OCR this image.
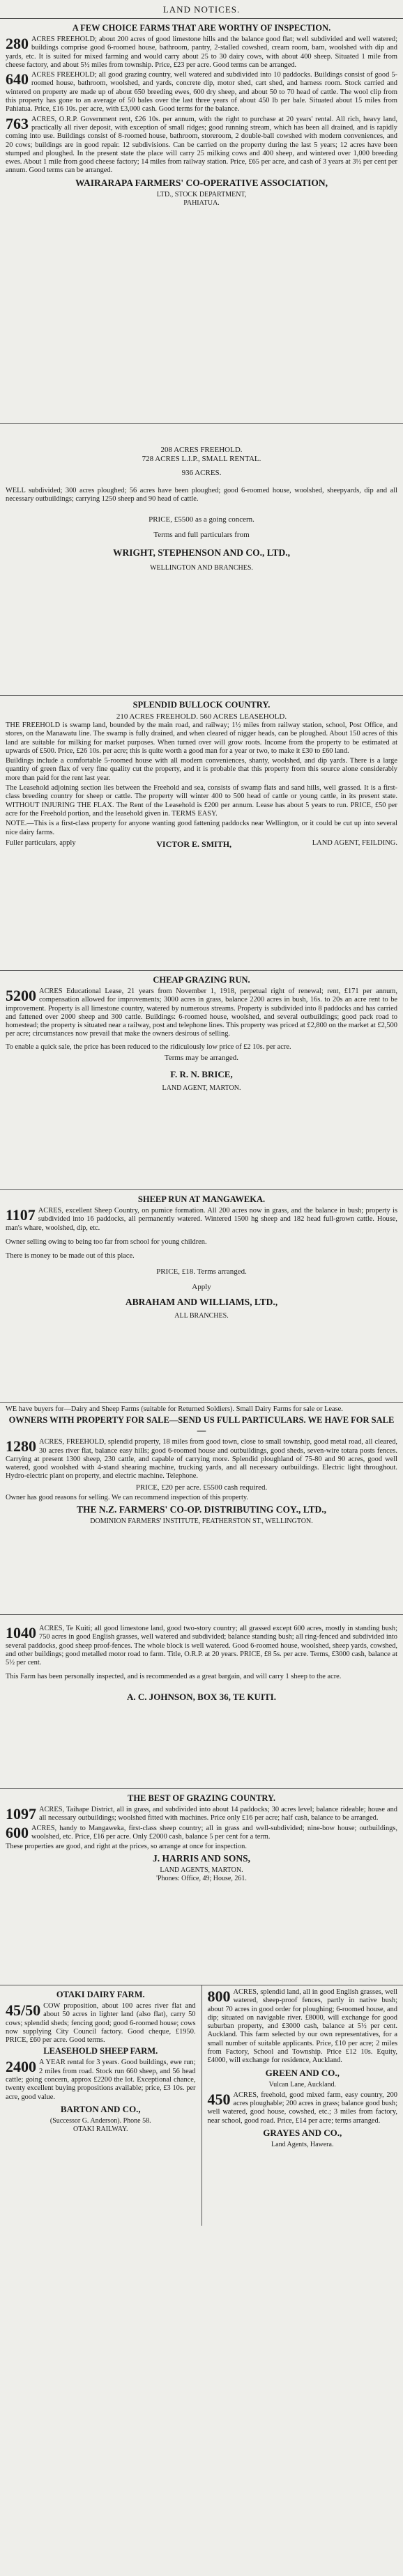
LAND NOTICES.
A FEW CHOICE FARMS THAT ARE WORTHY OF INSPECTION.

280 ACRES FREEHOLD; about 200 acres of good limestone hills and the balance good flat; well subdivided and well watered; buildings comprise good 6-roomed house, bathroom, pantry, 2-stalled cowshed, cream room, barn, woolshed with dip and yards, etc. It is suited for mixed farming and would carry about 25 to 30 dairy cows, with about 400 sheep. Situated 1 mile from cheese factory, and about 5½ miles from township. Price, £23 per acre. Good terms can be arranged.

640 ACRES FREEHOLD; all good grazing country, well watered and subdivided into 10 paddocks. Buildings consist of good 5-roomed house, bathroom, woolshed, and yards, concrete dip, motor shed, cart shed, and harness room. Stock carried and wintered on property are made up of about 650 breeding ewes, 600 dry sheep, and about 50 to 70 head of cattle. The wool clip from this property has gone to an average of 50 bales over the last three years of about 450 lb per bale. Situated about 15 miles from Pahiatua. Price, £16 10s. per acre, with £3,000 cash. Good terms for the balance.

763 ACRES, O.R.P. Government rent, £26 10s. per annum, with the right to purchase at 20 years' rental. All rich, heavy land, practically all river deposit, with exception of small ridges; good running stream, which has been all drained, and is rapidly coming into use. Buildings consist of 8-roomed house, bathroom, storeroom, 2 double-ball cowshed with modern conveniences, and 20 cows; buildings are in good repair. 12 subdivisions. Can be carried on the property during the last 5 years; 12 acres have been stumped and ploughed. In the present state the place will carry 25 milking cows and 400 sheep, and wintered over 1,000 breeding ewes. About 1 mile from good cheese factory; 14 miles from railway station. Price, £65 per acre, and cash of 3 years at 3½ per cent per annum. Good terms can be arranged.

WAIRARAPA FARMERS' CO-OPERATIVE ASSOCIATION,
LTD., STOCK DEPARTMENT,
PAHIATUA.
208 ACRES FREEHOLD.
728 ACRES L.I.P., SMALL RENTAL.
936 ACRES.

WELL subdivided; 300 acres ploughed; 56 acres have been ploughed; good 6-roomed house, woolshed, sheepyards, dip and all necessary outbuildings; carrying 1250 sheep and 90 head of cattle.

PRICE, £5500 as a going concern.
Terms and full particulars from
WRIGHT, STEPHENSON AND CO., LTD.,
WELLINGTON AND BRANCHES.
SPLENDID BULLOCK COUNTRY.
210 ACRES FREEHOLD. 560 ACRES LEASEHOLD.

THE FREEHOLD is swamp land, bounded by the main road, and railway; 1½ miles from railway station, school, Post Office, and stores, on the Manawatu line. The swamp is fully drained, and when cleared of nigger heads, can be ploughed. About 150 acres of this land are suitable for milking for market purposes. When turned over will grow roots. Income from the property to be estimated at upwards of £500. Price, £26 10s. per acre; this is quite worth a good man for a year or two, to make it £30 to £60 land.

Buildings include a comfortable 5-roomed house with all modern conveniences, shanty, woolshed, and dip yards. There is a large quantity of green flax of very fine quality cut the property, and it is probable that this property from this source alone considerably more than paid for the rent last year.

The Leasehold adjoining section lies between the Freehold and sea, consists of swamp flats and sand hills, well grassed. It is a first-class breeding country for sheep or cattle. The property will winter 400 to 500 head of cattle or young cattle, in its present state. WITHOUT INJURING THE FLAX. The Rent of the Leasehold is £200 per annum. Lease has about 5 years to run. PRICE, £50 per acre for the Freehold portion, and the leasehold given in. TERMS EASY.

NOTE.—This is a first-class property for anyone wanting good fattening paddocks near Wellington, or it could be cut up into several nice dairy farms.

Fuller particulars, apply	VICTOR E. SMITH,	LAND AGENT, FEILDING.
CHEAP GRAZING RUN.

5200 ACRES Educational Lease, 21 years from November 1, 1918, perpetual right of renewal; rent, £171 per annum, compensation allowed for improvements; 3000 acres in grass, balance 2200 acres in bush, 16s. to 20s an acre rent to be improvement. Property is all limestone country, watered by numerous streams. Property is subdivided into 8 paddocks and has carried and fattened over 2000 sheep and 300 cattle. Buildings: 6-roomed house, woolshed, and several outbuildings; good pack road to homestead; the property is situated near a railway, post and telephone lines. This property was priced at £2,800 on the market at £2,500 per acre; circumstances now prevail that make the owners desirous of selling.

To enable a quick sale, the price has been reduced to the ridiculously low price of £2 10s. per acre.

Terms may be arranged.
F. R. N. BRICE,
LAND AGENT, MARTON.
SHEEP RUN AT MANGAWEKA.

1107 ACRES, excellent Sheep Country, on pumice formation. All 200 acres now in grass, and the balance in bush; property is subdivided into 16 paddocks, all permanently watered. Wintered 1500 hg sheep and 182 head full-grown cattle. House, man's whare, woolshed, dip, etc.

Owner selling owing to being too far from school for young children.

There is money to be made out of this place.

PRICE, £18. Terms arranged.
Apply
ABRAHAM AND WILLIAMS, LTD.,
ALL BRANCHES.

WE have buyers for—Dairy and Sheep Farms (suitable for Returned Soldiers). Small Dairy Farms for sale or Lease.

OWNERS WITH PROPERTY FOR SALE—SEND US FULL PARTICULARS. WE HAVE FOR SALE—

1280 ACRES, FREEHOLD, splendid property, 18 miles from good town, close to small township, good metal road, all cleared, 30 acres river flat, balance easy hills; good 6-roomed house and outbuildings, good sheds, seven-wire totara posts fences. Carrying at present 1300 sheep, 230 cattle, and capable of carrying more. Splendid ploughland of 75-80 and 90 acres, good well watered, good woolshed with 4-stand shearing machine, trucking yards, and all necessary outbuildings. Electric light throughout. Hydro-electric plant on property, and electric machine. Telephone.

PRICE, £20 per acre. £5500 cash required.

Owner has good reasons for selling. We can recommend inspection of this property.

THE N.Z. FARMERS' CO-OP. DISTRIBUTING COY., LTD.,
DOMINION FARMERS' INSTITUTE, FEATHERSTON ST., WELLINGTON.

1040 ACRES, Te Kuiti; all good limestone land, good two-story country; all grassed except 600 acres, mostly in standing bush; 750 acres in good English grasses, well watered and subdivided; balance standing bush; all ring-fenced and subdivided into several paddocks, good sheep proof-fences. The whole block is well watered. Good 6-roomed house, woolshed, sheep yards, cowshed, and other buildings; good metalled motor road to farm. Title, O.R.P. at 20 years. PRICE, £8 5s. per acre. Terms, £3000 cash, balance at 5½ per cent.

This Farm has been personally inspected, and is recommended as a great bargain, and will carry 1 sheep to the acre.

A. C. JOHNSON, BOX 36, TE KUITI.
THE BEST OF GRAZING COUNTRY.

1097 ACRES, Taihape District, all in grass, and subdivided into about 14 paddocks; 30 acres level; balance rideable; house and all necessary outbuildings; woolshed fitted with machines. Price only £16 per acre; half cash, balance to be arranged.

600 ACRES, handy to Mangaweka, first-class sheep country; all in grass and well-subdivided; nine-bow house; outbuildings, woolshed, etc. Price, £16 per acre. Only £2000 cash, balance 5 per cent for a term.

These properties are good, and right at the prices, so arrange at once for inspection.

J. HARRIS AND SONS,
LAND AGENTS, MARTON.
'Phones: Office, 49; House, 261.
OTAKI DAIRY FARM.

45/50 COW proposition, about 100 acres river flat and about 50 acres in lighter land (also flat), carry 50 cows; splendid sheds; fencing good; good 6-roomed house; cows now supplying City Council factory. Good cheque, £1950. PRICE, £60 per acre. Good terms.

LEASEHOLD SHEEP FARM.

2400 A YEAR rental for 3 years. Good buildings, ewe run; 2 miles from road. Stock run 660 sheep, and 56 head cattle; going concern, approx £2200 the lot. Exceptional chance, twenty excellent buying propositions available; price, £3 10s. per acre, good value.

BARTON AND CO.,
(Successor G. Anderson). Phone 58.
OTAKI RAILWAY.

800 ACRES, splendid land, all in good English grasses, well watered, sheep-proof fences, partly in native bush; about 70 acres in good order for ploughing; 6-roomed house, and dip; situated on navigable river. £8000, will exchange for good suburban property, and £3000 cash, balance at 5½ per cent. Auckland. This farm selected by our own representatives, for a small number of suitable applicants. Price, £10 per acre; 2 miles from Factory, School and Township. Price £12 10s. Equity, £4000, will exchange for residence, Auckland.

GREEN AND CO.,
Vulcan Lane, Auckland.

450 ACRES, freehold, good mixed farm, easy country, 200 acres ploughable; 200 acres in grass; balance good bush; well watered, good house, cowshed, etc.; 3 miles from factory, near school, good road. Price, £14 per acre; terms arranged.

GRAYES AND CO.,
Land Agents, Hawera.
